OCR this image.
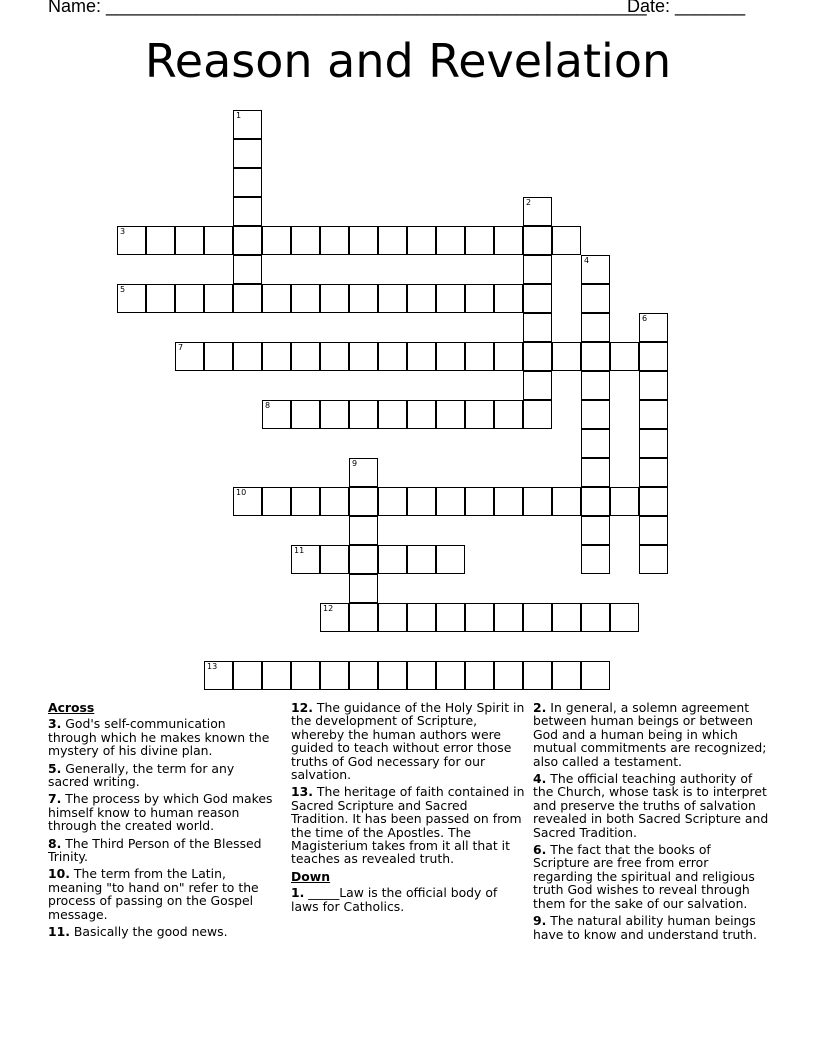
Name: ______________________________________________________
Date: _______
Reason and Revelation
1
2
3
4
5
6
7
8
9
10
11
12
13
Across
3. God's self-communication through which he makes known the mystery of his divine plan.
5. Generally, the term for any sacred writing.
7. The process by which God makes himself know to human reason through the created world.
8. The Third Person of the Blessed Trinity.
10. The term from the Latin, meaning "to hand on" refer to the process of passing on the Gospel message.
11. Basically the good news.
12. The guidance of the Holy Spirit in the development of Scripture, whereby the human authors were guided to teach without error those truths of God necessary for our salvation.
13. The heritage of faith contained in Sacred Scripture and Sacred Tradition. It has been passed on from the time of the Apostles. The Magisterium takes from it all that it teaches as revealed truth.
Down
1. _____Law is the official body of laws for Catholics.
2. In general, a solemn agreement between human beings or between God and a human being in which mutual commitments are recognized; also called a testament.
4. The official teaching authority of the Church, whose task is to interpret and preserve the truths of salvation revealed in both Sacred Scripture and Sacred Tradition.
6. The fact that the books of Scripture are free from error regarding the spiritual and religious truth God wishes to reveal through them for the sake of our salvation.
9. The natural ability human beings have to know and understand truth.
